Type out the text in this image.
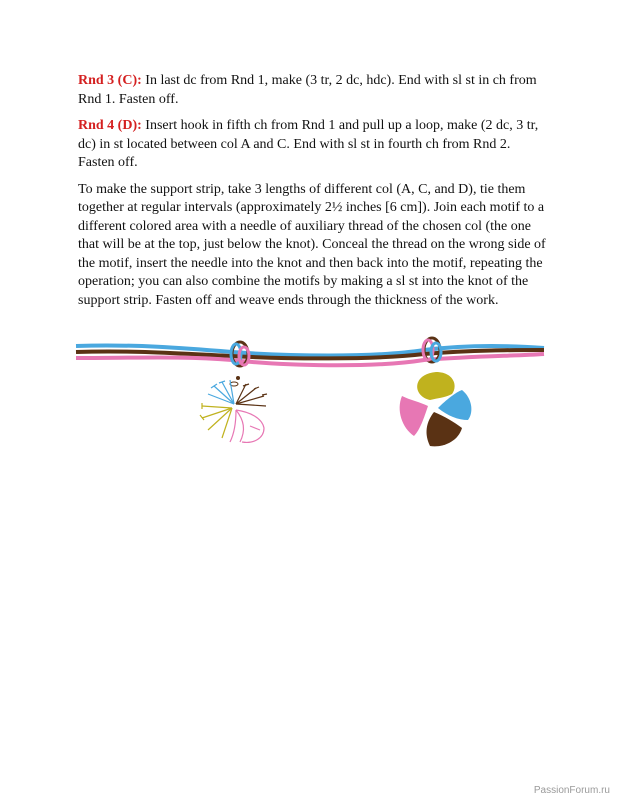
Rnd 3 (C): In last dc from Rnd 1, make (3 tr, 2 dc, hdc). End with sl st in ch from Rnd 1. Fasten off.

Rnd 4 (D): Insert hook in fifth ch from Rnd 1 and pull up a loop, make (2 dc, 3 tr, dc) in st located between col A and C. End with sl st in fourth ch from Rnd 2. Fasten off.

To make the support strip, take 3 lengths of different col (A, C, and D), tie them together at regular intervals (approximately 2½ inches [6 cm]). Join each motif to a different colored area with a needle of auxiliary thread of the chosen col (the one that will be at the top, just below the knot). Conceal the thread on the wrong side of the motif, insert the needle into the knot and then back into the motif, repeating the operation; you can also combine the motifs by making a sl st into the knot of the support strip. Fasten off and weave ends through the thickness of the work.

PassionForum.ru
